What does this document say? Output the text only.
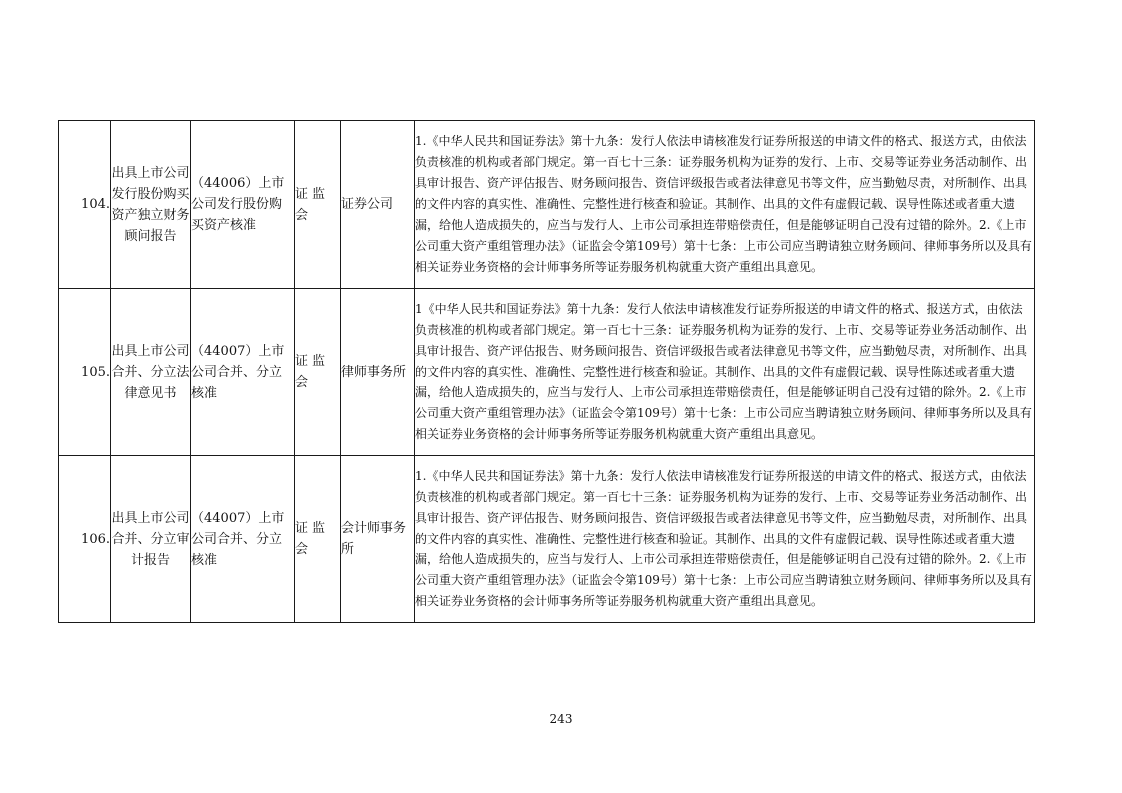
104.	出具上市公司发行股份购买资产独立财务顾问报告	（44006）上市公司发行股份购买资产核准	证监会	证券公司	1.《中华人民共和国证券法》第十九条：发行人依法申请核准发行证券所报送的申请文件的格式、报送方式，由依法负责核准的机构或者部门规定。第一百七十三条：证券服务机构为证券的发行、上市、交易等证券业务活动制作、出具审计报告、资产评估报告、财务顾问报告、资信评级报告或者法律意见书等文件，应当勤勉尽责，对所制作、出具的文件内容的真实性、准确性、完整性进行核查和验证。其制作、出具的文件有虚假记载、误导性陈述或者重大遗漏，给他人造成损失的，应当与发行人、上市公司承担连带赔偿责任，但是能够证明自己没有过错的除外。2.《上市公司重大资产重组管理办法》（证监会令第109号）第十七条：上市公司应当聘请独立财务顾问、律师事务所以及具有相关证券业务资格的会计师事务所等证券服务机构就重大资产重组出具意见。
105.	出具上市公司合并、分立法律意见书	（44007）上市公司合并、分立核准	证监会	律师事务所	1《中华人民共和国证券法》第十九条：发行人依法申请核准发行证券所报送的申请文件的格式、报送方式，由依法负责核准的机构或者部门规定。第一百七十三条：证券服务机构为证券的发行、上市、交易等证券业务活动制作、出具审计报告、资产评估报告、财务顾问报告、资信评级报告或者法律意见书等文件，应当勤勉尽责，对所制作、出具的文件内容的真实性、准确性、完整性进行核查和验证。其制作、出具的文件有虚假记载、误导性陈述或者重大遗漏，给他人造成损失的，应当与发行人、上市公司承担连带赔偿责任，但是能够证明自己没有过错的除外。2.《上市公司重大资产重组管理办法》（证监会令第109号）第十七条：上市公司应当聘请独立财务顾问、律师事务所以及具有相关证券业务资格的会计师事务所等证券服务机构就重大资产重组出具意见。
106.	出具上市公司合并、分立审计报告	（44007）上市公司合并、分立核准	证监会	会计师事务所	1.《中华人民共和国证券法》第十九条：发行人依法申请核准发行证券所报送的申请文件的格式、报送方式，由依法负责核准的机构或者部门规定。第一百七十三条：证券服务机构为证券的发行、上市、交易等证券业务活动制作、出具审计报告、资产评估报告、财务顾问报告、资信评级报告或者法律意见书等文件，应当勤勉尽责，对所制作、出具的文件内容的真实性、准确性、完整性进行核查和验证。其制作、出具的文件有虚假记载、误导性陈述或者重大遗漏，给他人造成损失的，应当与发行人、上市公司承担连带赔偿责任，但是能够证明自己没有过错的除外。2.《上市公司重大资产重组管理办法》（证监会令第109号）第十七条：上市公司应当聘请独立财务顾问、律师事务所以及具有相关证券业务资格的会计师事务所等证券服务机构就重大资产重组出具意见。
243
